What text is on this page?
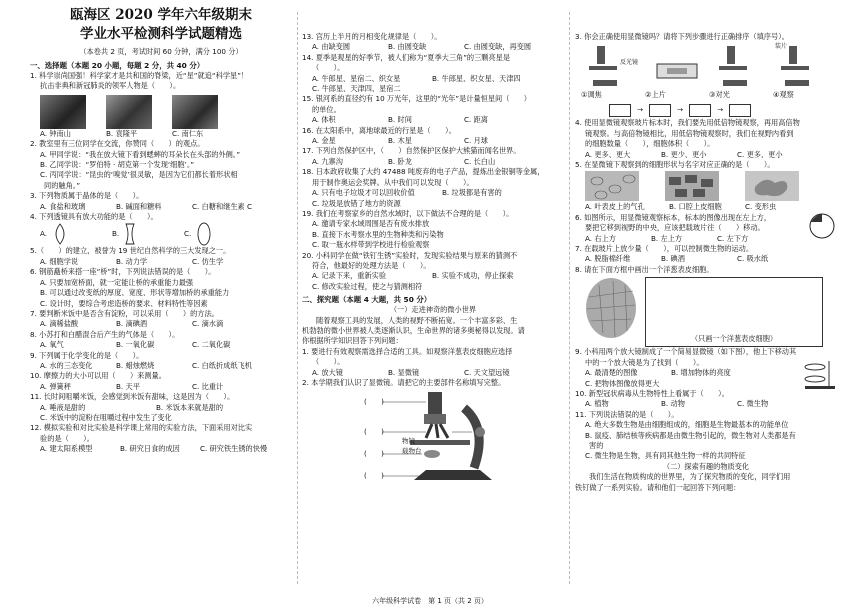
瓯海区 2020 学年六年级期末
学业水平检测科学试题精选
（本卷共 2 页，考试时间 60 分钟，满分 100 分）
一、选择题（本题 20 小题，每题 2 分，共 40 分）
1. 科学崇尚国强！科学家才是共和国的脊梁，近“星”就追“科学星”！
抗击非典和新冠肺炎的领军人物是（　　）。
A. 钟南山	B. 袁隆平	C. 南仁东
2. 教室里有三位同学在交流，你赞同（　　）的观点。
A. 甲同学说：“我在放大镜下看到蟋蟀的耳朵长在头部的外侧。”
B. 乙同学说：“罗伯特 · 胡克第一个发现‘细胞’。”
C. 丙同学说：“昆虫的‘嗅觉’很灵敏，是因为它们都长着形状相
同的触角。”
3. 下列物质属于晶体的是（　　）。
A. 食盐和玻璃	B. 碱面和糖料	C. 白糖和继生素 C
4. 下列透镜具有放大功能的是（　　）。
A.	B.	C.
5.（　　）的建立，被誉为 19 世纪自然科学的三大发现之一。
A. 细胞学说	B. 动力学	C. 仿生学
6. 钢筋矗桥来搭一座“桥”时，下列说法错误的是（　　）。
A. 只要加宽桥面，就一定能让桥的承重能力最强
B. 可以通过改变纸的厚度、宽度、形状等增加桥的承重能力
C. 设计时，要综合考虑造桥的要求、材料特性等因素
7. 要判断米饭中是否含有淀粉，可以采用（　　）的方法。
A. 滴稀盐酸	B. 滴碘酒	C. 滴水滴
8. 小苏打和白醋混合后产生的气体是（　　）。
A. 氧气	B. 一氧化碳	C. 二氧化碳
9. 下列属于化学变化的是（　　）。
A. 水的三态变化	B. 蜡烛燃烧	C. 白纸折成纸飞机
10. 摩擦力的大小可以用（　　）来测量。
A. 弹簧秤	B. 天平	C. 比重计
11. 长时间咀嚼米饭，会感觉到米饭有甜味，这是因为（　　）。
A. 唾液是甜的	B. 米饭本来就是甜的
C. 米饭中的淀粉在咀嚼过程中发生了变化
12. 模拟实验和对比实验是科学课上常用的实验方法，下面采用对比实
验的是（　　）。
A. 建太阳系模型	B. 研究日食的成因	C. 研究铁生锈的快慢
13. 宫历上半月的月相变化规律是（　　）。
A. 由缺变圆	B. 由圆变缺	C. 由圆变缺，再变圆
14. 夏季是观星的好季节，被人们称为“夏季大三角”的三颗亮星是
（　　）。
A. 牛郎星、星宿二、织女星	B. 牛郎星、织女星、天津四
C. 牛郎星、天津四、星宿二
15. 银河系的直径约有 10 万光年，这里的“光年”是计量恒星间（　　）
的单位。
A. 体积	B. 时间	C. 距离
16. 在太阳系中，离地球最近的行星是（　　）。
A. 金星	B. 木星	C. 月球
17. 下列自然保护区中，（　　）自然保护区保护大熊猫而闻名世界。
A. 九寨沟	B. 卧龙	C. 长白山
18. 日本政府收集了大约 47488 吨废弃的电子产品，提炼出金银铜等金属，
用于制作奥运会奖牌。从中我们可以发现（　　）。
A. 只有电子垃圾才可以回收价值	B. 垃圾都是有害的
C. 垃圾是放错了地方的资源
19. 我们在考察家乡的自然水域时，以下做法不合理的是（　　）。
A. 邀请专家水域周围是否有废水排放
B. 直接下水考察水里的生物种类和污染物
C. 取一瓶水样带到学校进行检验观察
20. 小科同学在做“铁钉生锈”实验时，发现实验结果与原来的猜测不
符合，他最好的处理方法是（　　）。
A. 记录下来，重新实验	B. 实验不成功，停止探索
C. 修改实验过程，使之与猜测相符
二、探究题（本题 4 大题，共 50 分）
（一）走进神奇的微小世界
随着观察工具的发展，人类的视野不断拓宽。一个丰富多彩、生
机勃勃的微小世界被人类逐渐认识，生命世界的诸多奥秘得以发现。请
你根据所学知识回答下列问题：
1. 要进行有效观察需选择合适的工具。如观察洋葱表皮细胞应选择
（　　）。
A. 放大镜	B. 显微镜	C. 天文望远镜
2. 本学期我们认识了显微镜。请把它的主要部件名称填写完整。
(　　)
(　　)
(　　)
(　　)
物镜
载物台
3. 你会正确使用显微镜吗？请将下列步骤进行正确排序（填序号）。
反光镜
装片
①调焦	②上片	③对光	④观察
→	→	→
4. 使用显微镜观察玻片标本时，我们要先用低倍物镜观察，再用高倍物
镜观察。与高倍物镜相比，用低倍物镜观察时，我们在视野内看到
的细胞数量（　　），细胞体积（　　）。
A. 更多、更大	B. 更少、更小	C. 更多、更小
5. 在显微镜下观察到的细胞形状与名字对应正确的是（　　）。
A. 叶表皮上的气孔	B. 口腔上皮细胞	C. 变形虫
6. 如图所示，用显微镜观察标本，标本的图像出现在左上方，
要把它移到视野的中央，应该把载玻片往（　　）移动。
A. 右上方	B. 左上方	C. 左下方
7. 在载玻片上放少量（　　），可以控制微生物的运动。
A. 脱脂棉纤维	B. 碘酒	C. 吸水纸
8. 请在下面方框中画出一个洋葱表皮细胞。
（只画一个洋葱表皮细胞）
9. 小科用两个放大镜制成了一个简易显微镜（如下图），他上下移动其
中的一个放大镜是为了找到（　　）。
A. 最清楚的图像	B. 增加物体的亮度
C. 把物体图像放得更大
10. 新型冠状病毒从生物特性上看属于（　　）。
A. 植物	B. 动物	C. 微生物
11. 下列说法错误的是（　　）。
A. 绝大多数生物是由细胞组成的，细胞是生物最基本的功能单位
B. 鼠疫、肺结核等疾病都是由微生物引起的，微生物对人类都是有
害的
C. 微生物是生物，具有同其他生物一样的共同特征
（二）探索有趣的物质变化
我们生活在物质构成的世界里，为了探究物质的变化，同学们用
铁钉做了一系列实验。请和他们一起回答下列问题：
六年级科学试卷　第 1 页（共 2 页）
